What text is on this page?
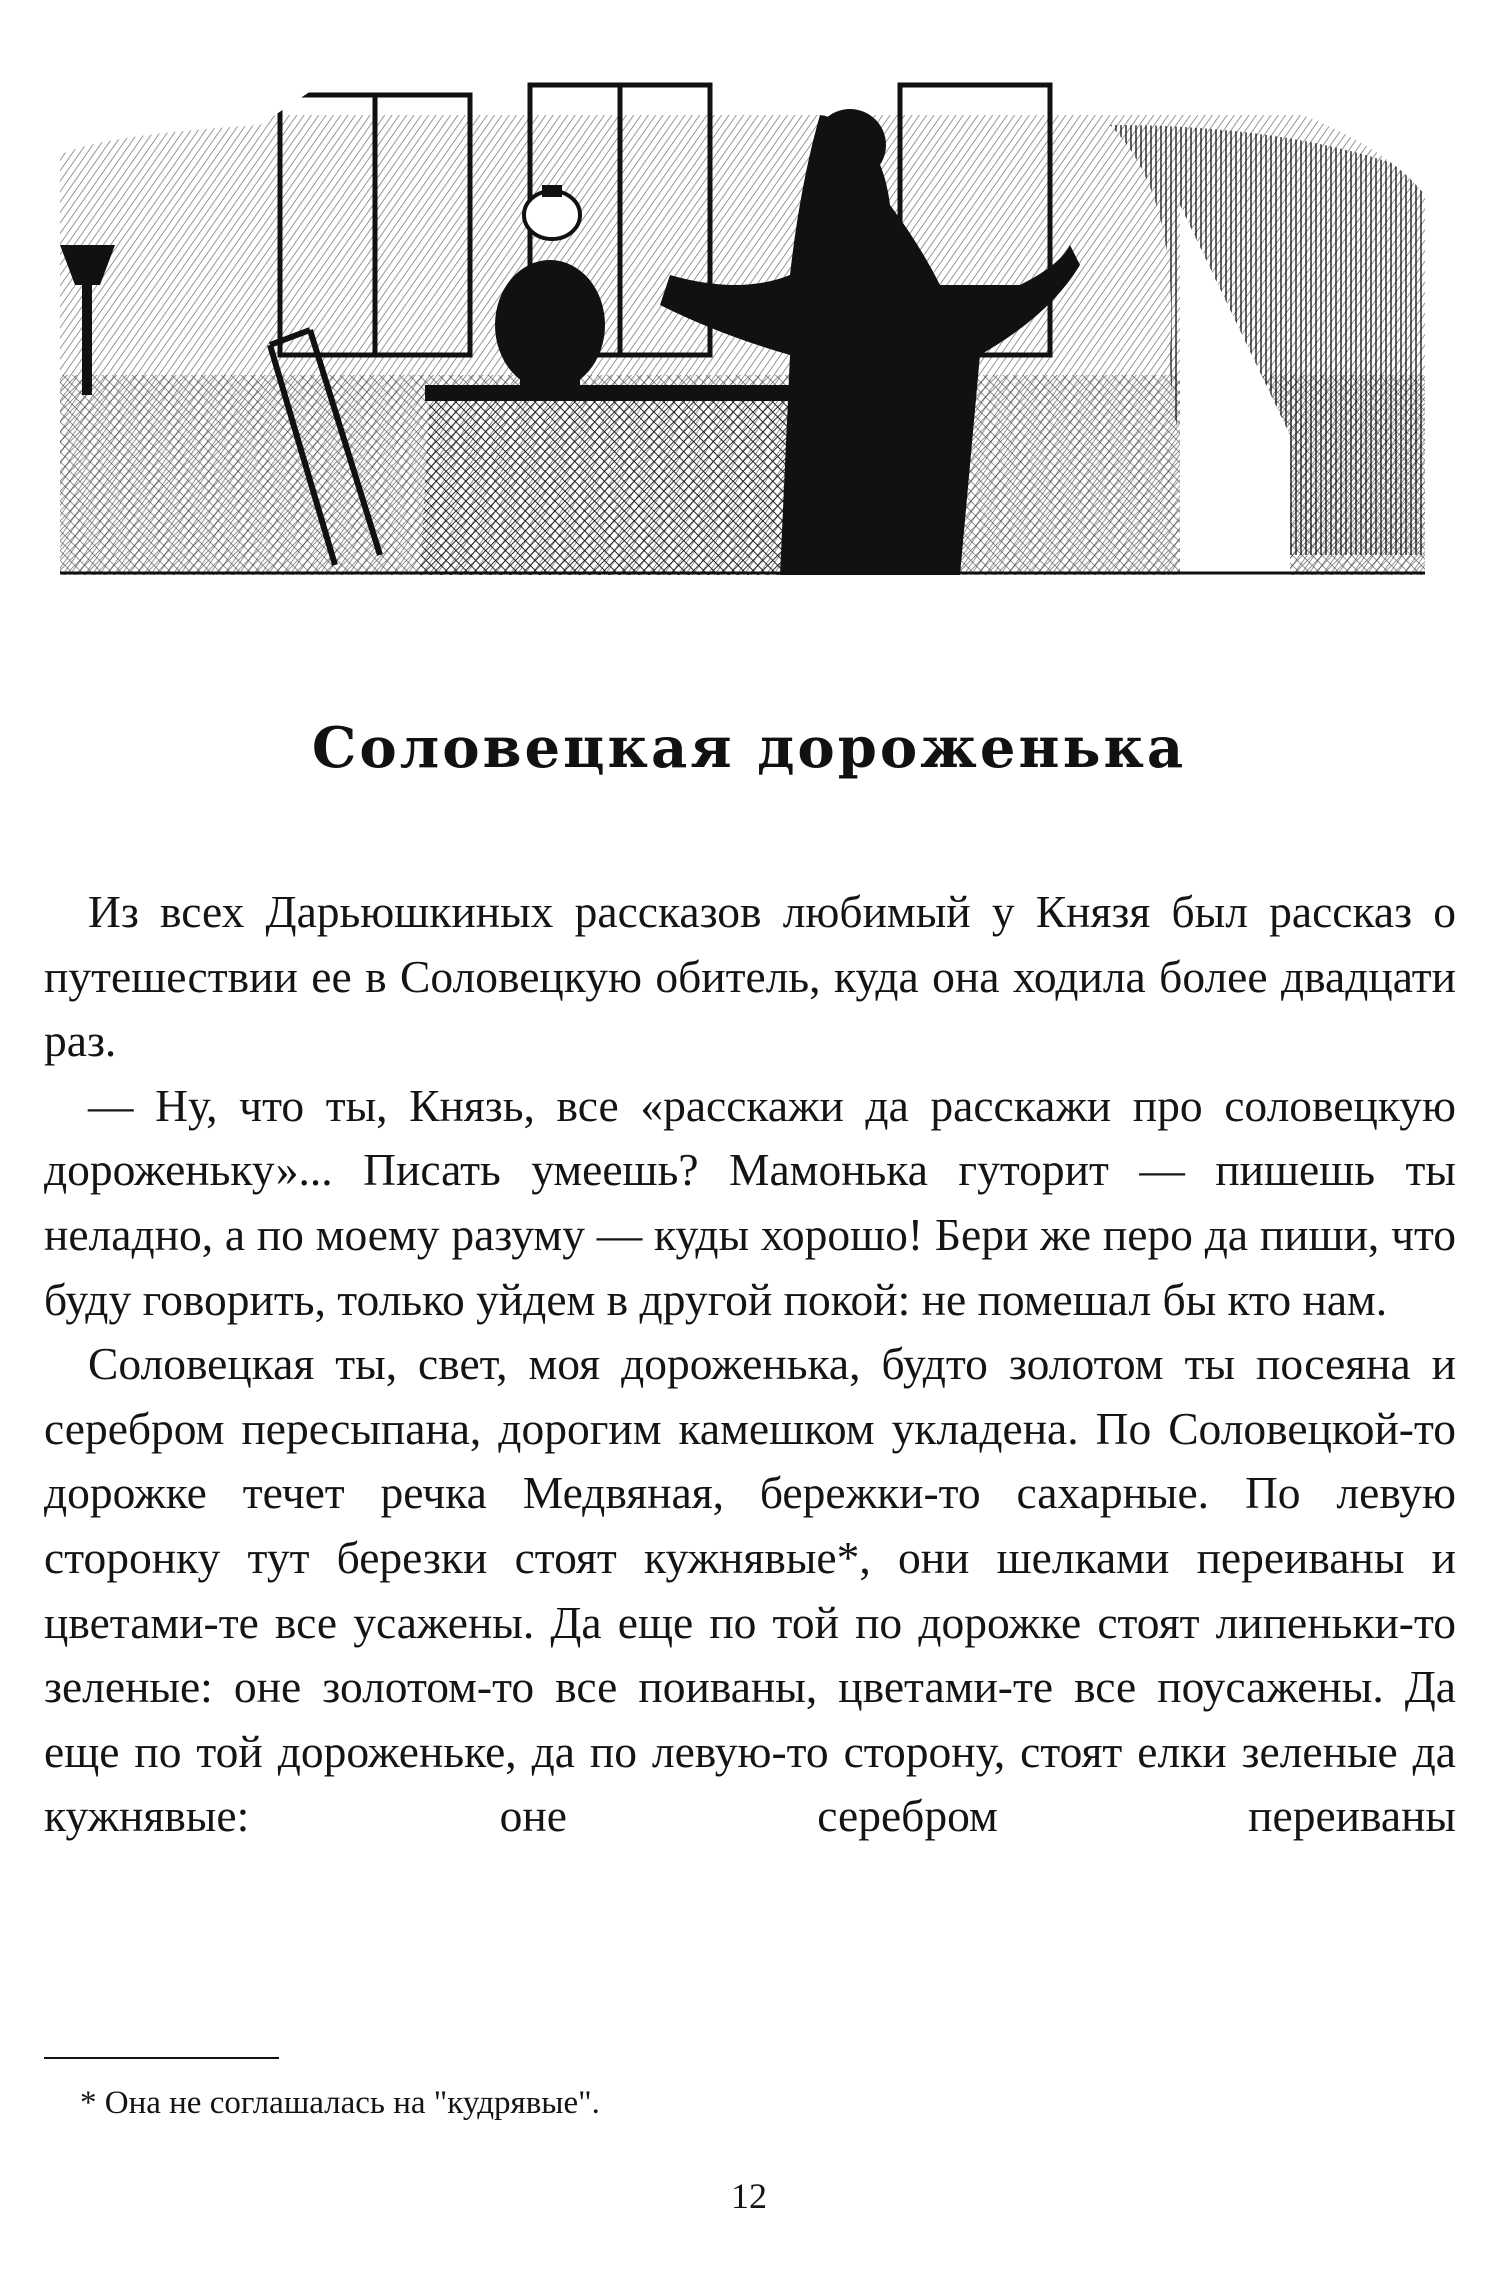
Соловецкая дороженька

Из всех Дарьюшкиных рассказов любимый у Князя был рассказ о путешествии ее в Соловецкую обитель, куда она ходила более двадцати раз.

— Ну, что ты, Князь, все «расскажи да расскажи про соловецкую дороженьку»... Писать умеешь? Мамонька гуторит — пишешь ты неладно, а по моему разуму — куды хорошо! Бери же перо да пиши, что буду говорить, только уйдем в другой покой: не помешал бы кто нам.

Соловецкая ты, свет, моя дороженька, будто золотом ты посеяна и серебром пересыпана, дорогим камешком укладена. По Соловецкой-то дорожке течет речка Медвяная, бережки-то сахарные. По левую сторонку тут березки стоят кужнявые*, они шелками переиваны и цветами-те все усажены. Да еще по той по дорожке стоят липеньки-то зеленые: оне золотом-то все поиваны, цветами-те все поусажены. Да еще по той дороженьке, да по левую-то сторону, стоят елки зеленые да кужнявые: оне серебром переиваны

* Она не соглашалась на "кудрявые".
12
